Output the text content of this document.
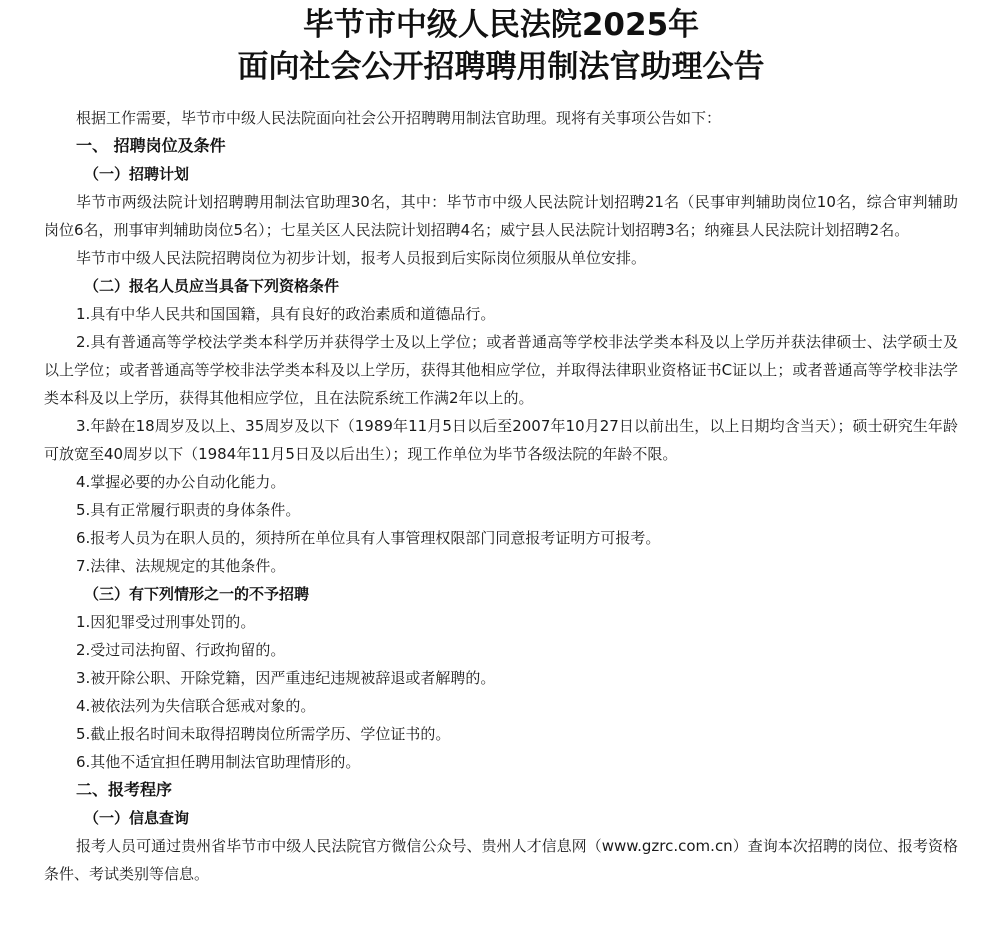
毕节市中级人民法院2025年
面向社会公开招聘聘用制法官助理公告

根据工作需要，毕节市中级人民法院面向社会公开招聘聘用制法官助理。现将有关事项公告如下：

一、 招聘岗位及条件
（一）招聘计划

毕节市两级法院计划招聘聘用制法官助理30名，其中：毕节市中级人民法院计划招聘21名（民事审判辅助岗位10名，综合审判辅助岗位6名，刑事审判辅助岗位5名）；七星关区人民法院计划招聘4名；威宁县人民法院计划招聘3名；纳雍县人民法院计划招聘2名。

毕节市中级人民法院招聘岗位为初步计划，报考人员报到后实际岗位须服从单位安排。

（二）报名人员应当具备下列资格条件

1.具有中华人民共和国国籍，具有良好的政治素质和道德品行。

2.具有普通高等学校法学类本科学历并获得学士及以上学位；或者普通高等学校非法学类本科及以上学历并获法律硕士、法学硕士及以上学位；或者普通高等学校非法学类本科及以上学历，获得其他相应学位，并取得法律职业资格证书C证以上；或者普通高等学校非法学类本科及以上学历，获得其他相应学位，且在法院系统工作满2年以上的。

3.年龄在18周岁及以上、35周岁及以下（1989年11月5日以后至2007年10月27日以前出生，以上日期均含当天）；硕士研究生年龄可放宽至40周岁以下（1984年11月5日及以后出生）；现工作单位为毕节各级法院的年龄不限。

4.掌握必要的办公自动化能力。

5.具有正常履行职责的身体条件。

6.报考人员为在职人员的，须持所在单位具有人事管理权限部门同意报考证明方可报考。

7.法律、法规规定的其他条件。

（三）有下列情形之一的不予招聘

1.因犯罪受过刑事处罚的。

2.受过司法拘留、行政拘留的。

3.被开除公职、开除党籍，因严重违纪违规被辞退或者解聘的。

4.被依法列为失信联合惩戒对象的。

5.截止报名时间未取得招聘岗位所需学历、学位证书的。

6.其他不适宜担任聘用制法官助理情形的。

二、报考程序
（一）信息查询

报考人员可通过贵州省毕节市中级人民法院官方微信公众号、贵州人才信息网（www.gzrc.com.cn）查询本次招聘的岗位、报考资格条件、考试类别等信息。
